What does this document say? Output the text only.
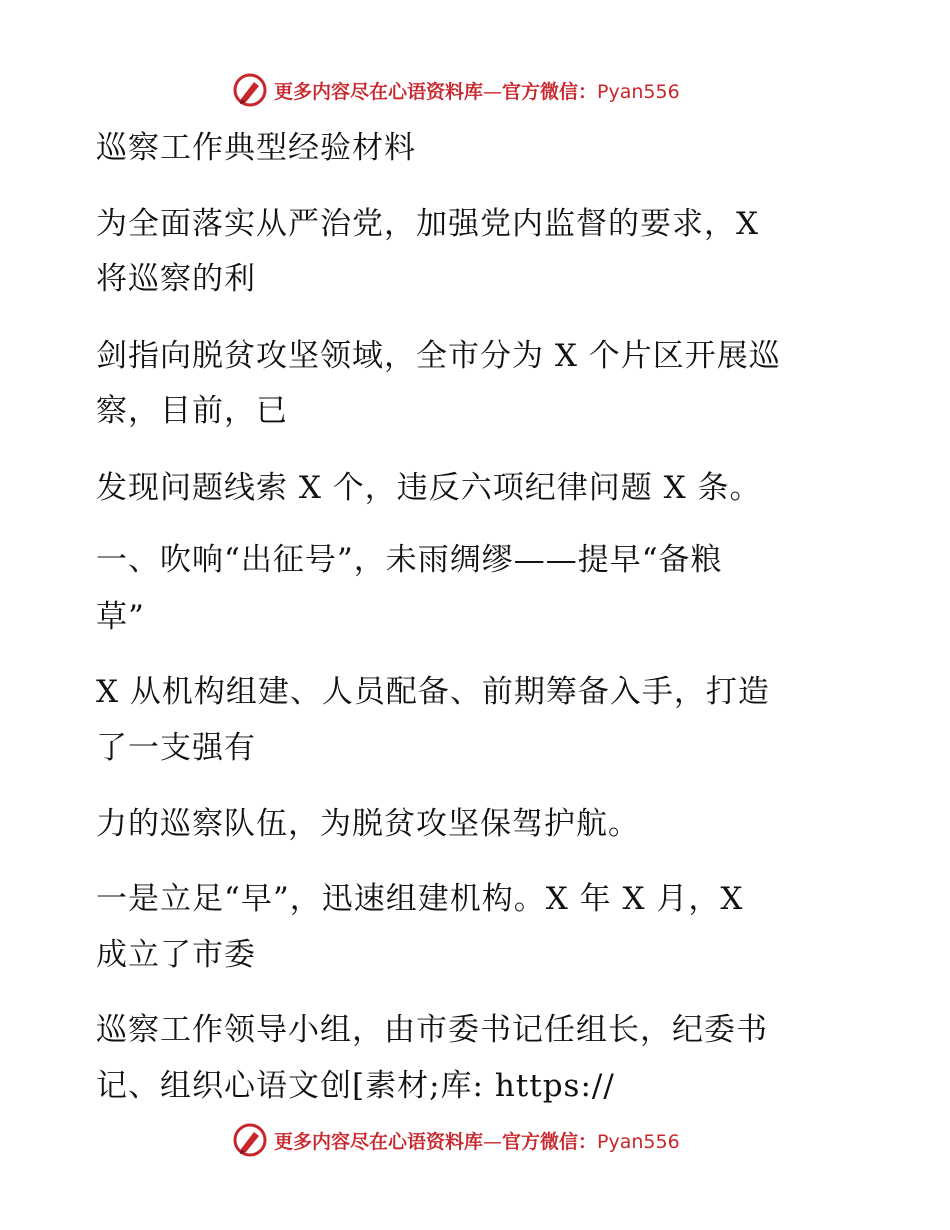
更多内容尽在心语资料库—官方微信：Pyan556
巡察工作典型经验材料
为全面落实从严治党，加强党内监督的要求，X
将巡察的利
剑指向脱贫攻坚领域，全市分为 X 个片区开展巡
察，目前，已
发现问题线索 X 个，违反六项纪律问题 X 条。
一、吹响“出征号”，未雨绸缪——提早“备粮
草”
X 从机构组建、人员配备、前期筹备入手，打造
了一支强有
力的巡察队伍，为脱贫攻坚保驾护航。
一是立足“早”，迅速组建机构。X 年 X 月，X
成立了市委
巡察工作领导小组，由市委书记任组长，纪委书
记、组织心语文创[素材;库: https://
更多内容尽在心语资料库—官方微信：Pyan556
